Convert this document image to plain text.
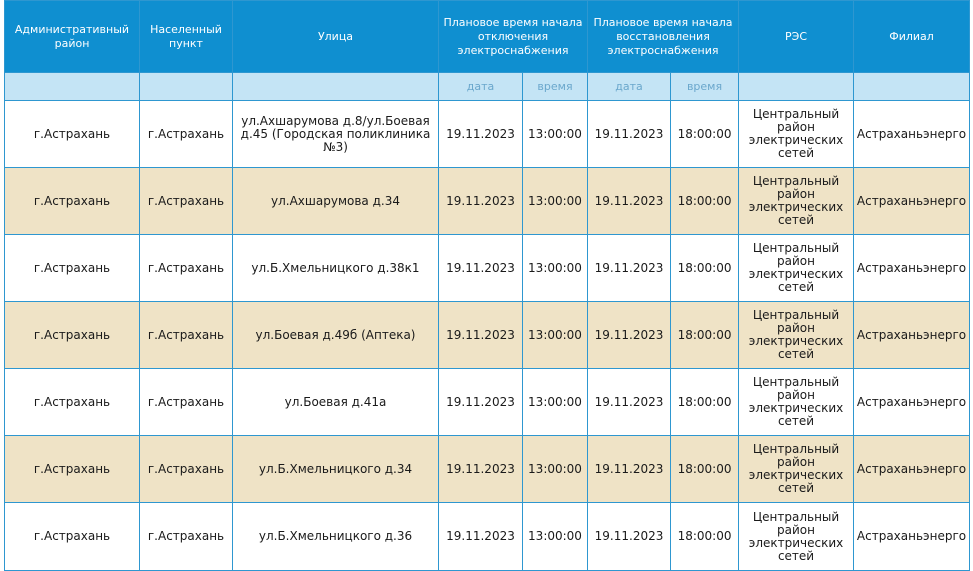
Административный район	Населенный пункт	Улица	Плановое время начала отключения электроснабжения		Плановое время начала восстановления электроснабжения		РЭС	Филиал
			дата	время	дата	время		
г.Астрахань	г.Астрахань	ул.Ахшарумова д.8/ул.Боевая д.45 (Городская поликлиника №3)	19.11.2023	13:00:00	19.11.2023	18:00:00	Центральный район электрических сетей	Астраханьэнерго
г.Астрахань	г.Астрахань	ул.Ахшарумова д.34	19.11.2023	13:00:00	19.11.2023	18:00:00	Центральный район электрических сетей	Астраханьэнерго
г.Астрахань	г.Астрахань	ул.Б.Хмельницкого д.38к1	19.11.2023	13:00:00	19.11.2023	18:00:00	Центральный район электрических сетей	Астраханьэнерго
г.Астрахань	г.Астрахань	ул.Боевая д.49б (Аптека)	19.11.2023	13:00:00	19.11.2023	18:00:00	Центральный район электрических сетей	Астраханьэнерго
г.Астрахань	г.Астрахань	ул.Боевая д.41а	19.11.2023	13:00:00	19.11.2023	18:00:00	Центральный район электрических сетей	Астраханьэнерго
г.Астрахань	г.Астрахань	ул.Б.Хмельницкого д.34	19.11.2023	13:00:00	19.11.2023	18:00:00	Центральный район электрических сетей	Астраханьэнерго
г.Астрахань	г.Астрахань	ул.Б.Хмельницкого д.36	19.11.2023	13:00:00	19.11.2023	18:00:00	Центральный район электрических сетей	Астраханьэнерго
